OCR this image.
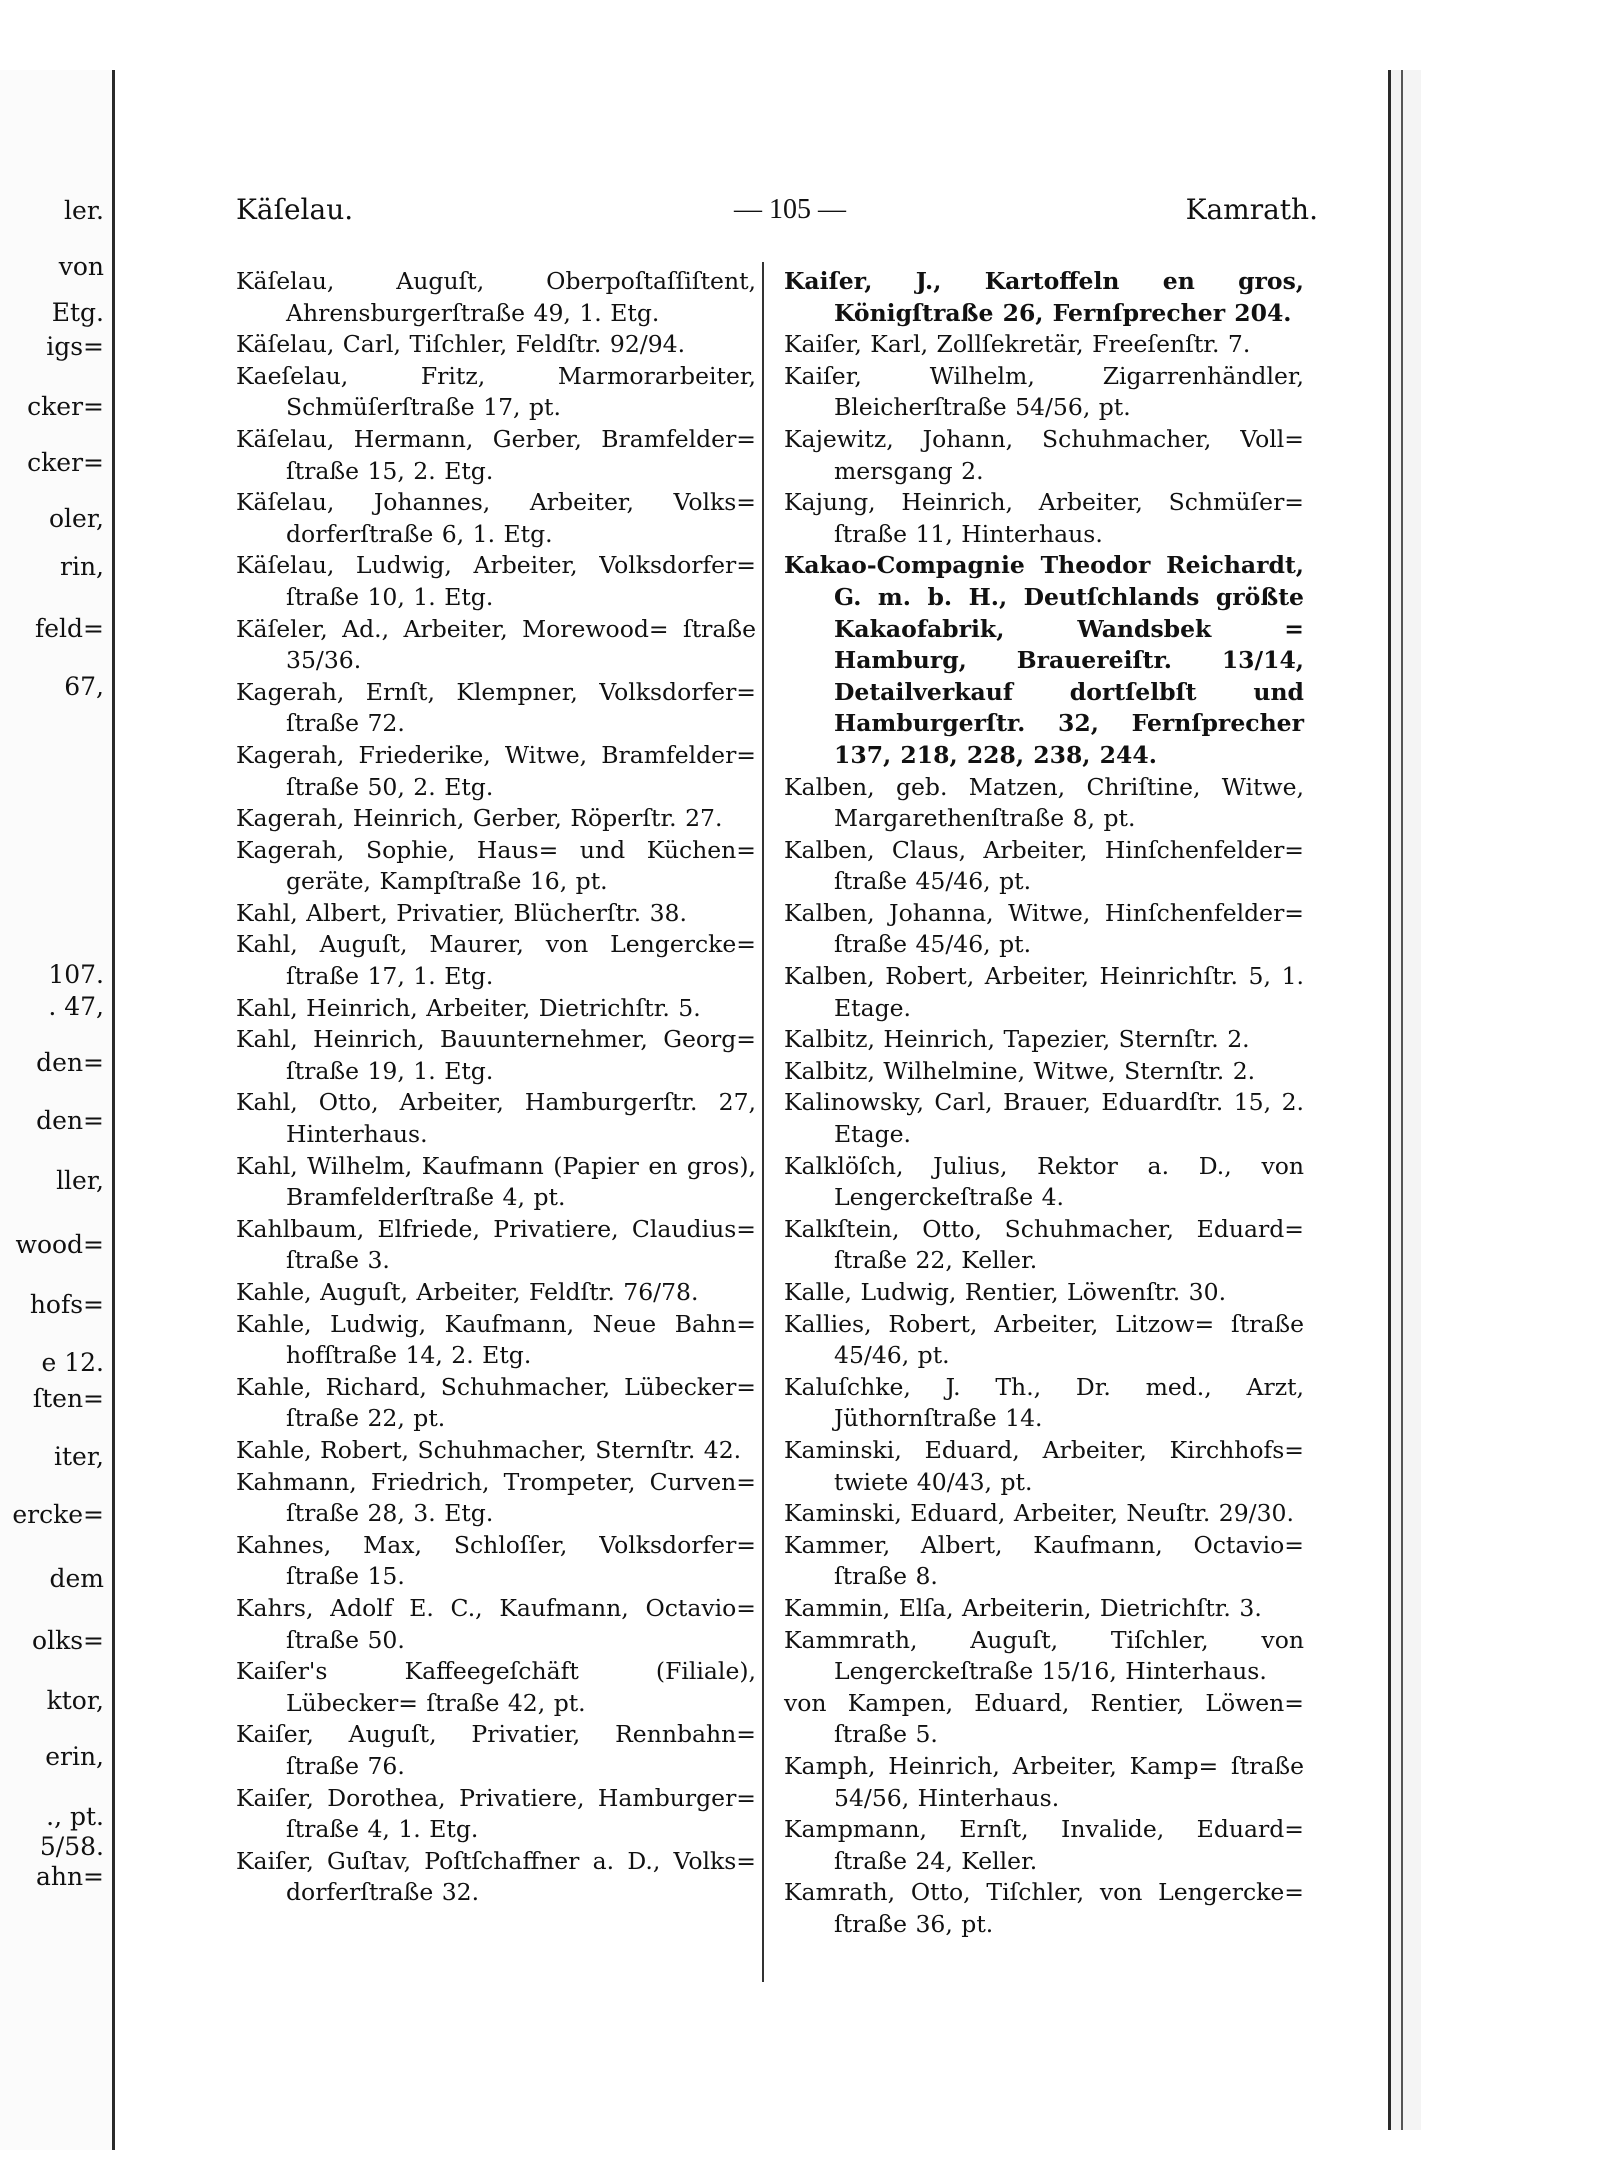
ler.
von
Etg.
igs=
cker=
cker=
oler,
rin,
feld=
67,
107.
. 47,
den=
den=
ller,
wood=
hofs=
e 12.
ſten=
iter,
ercke=
dem
olks=
ktor,
erin,
., pt.
5/58.
ahn=
Käſelau.	— 105 —	Kamrath.

Käſelau, Auguſt, Oberpoſtaſſiſtent, Ahrensburgerſtraße 49, 1. Etg.

Käſelau, Carl, Tiſchler, Feldſtr. 92/94.

Kaeſelau, Fritz, Marmorarbeiter, Schmüſerſtraße 17, pt.

Käſelau, Hermann, Gerber, Bramfelder= ſtraße 15, 2. Etg.

Käſelau, Johannes, Arbeiter, Volks= dorferſtraße 6, 1. Etg.

Käſelau, Ludwig, Arbeiter, Volksdorfer= ſtraße 10, 1. Etg.

Käſeler, Ad., Arbeiter, Morewood= ſtraße 35/36.

Kagerah, Ernſt, Klempner, Volksdorfer= ſtraße 72.

Kagerah, Friederike, Witwe, Bramfelder= ſtraße 50, 2. Etg.

Kagerah, Heinrich, Gerber, Röperſtr. 27.

Kagerah, Sophie, Haus= und Küchen= geräte, Kampſtraße 16, pt.

Kahl, Albert, Privatier, Blücherſtr. 38.

Kahl, Auguſt, Maurer, von Lengercke= ſtraße 17, 1. Etg.

Kahl, Heinrich, Arbeiter, Dietrichſtr. 5.

Kahl, Heinrich, Bauunternehmer, Georg= ſtraße 19, 1. Etg.

Kahl, Otto, Arbeiter, Hamburgerſtr. 27, Hinterhaus.

Kahl, Wilhelm, Kaufmann (Papier en gros), Bramfelderſtraße 4, pt.

Kahlbaum, Elfriede, Privatiere, Claudius= ſtraße 3.

Kahle, Auguſt, Arbeiter, Feldſtr. 76/78.

Kahle, Ludwig, Kaufmann, Neue Bahn= hofſtraße 14, 2. Etg.

Kahle, Richard, Schuhmacher, Lübecker= ſtraße 22, pt.

Kahle, Robert, Schuhmacher, Sternſtr. 42.

Kahmann, Friedrich, Trompeter, Curven= ſtraße 28, 3. Etg.

Kahnes, Max, Schloſſer, Volksdorfer= ſtraße 15.

Kahrs, Adolf E. C., Kaufmann, Octavio= ſtraße 50.

Kaiſer's Kaffeegeſchäft (Filiale), Lübecker= ſtraße 42, pt.

Kaiſer, Auguſt, Privatier, Rennbahn= ſtraße 76.

Kaiſer, Dorothea, Privatiere, Hamburger= ſtraße 4, 1. Etg.

Kaiſer, Guſtav, Poſtſchaffner a. D., Volks= dorferſtraße 32.

Kaiſer, J., Kartoffeln en gros, Königſtraße 26, Fernſprecher 204.

Kaiſer, Karl, Zollſekretär, Freeſenſtr. 7.

Kaiſer, Wilhelm, Zigarrenhändler, Bleicherſtraße 54/56, pt.

Kajewitz, Johann, Schuhmacher, Voll= mersgang 2.

Kajung, Heinrich, Arbeiter, Schmüſer= ſtraße 11, Hinterhaus.

Kakao-Compagnie Theodor Reichardt, G. m. b. H., Deutſchlands größte Kakaofabrik, Wandsbek = Hamburg, Brauereiſtr. 13/14, Detailverkauf dortſelbſt und Hamburgerſtr. 32, Fernſprecher 137, 218, 228, 238, 244.

Kalben, geb. Matzen, Chriſtine, Witwe, Margarethenſtraße 8, pt.

Kalben, Claus, Arbeiter, Hinſchenfelder= ſtraße 45/46, pt.

Kalben, Johanna, Witwe, Hinſchenfelder= ſtraße 45/46, pt.

Kalben, Robert, Arbeiter, Heinrichſtr. 5, 1. Etage.

Kalbitz, Heinrich, Tapezier, Sternſtr. 2.

Kalbitz, Wilhelmine, Witwe, Sternſtr. 2.

Kalinowsky, Carl, Brauer, Eduardſtr. 15, 2. Etage.

Kalklöſch, Julius, Rektor a. D., von Lengerckeſtraße 4.

Kalkſtein, Otto, Schuhmacher, Eduard= ſtraße 22, Keller.

Kalle, Ludwig, Rentier, Löwenſtr. 30.

Kallies, Robert, Arbeiter, Litzow= ſtraße 45/46, pt.

Kaluſchke, J. Th., Dr. med., Arzt, Jüthornſtraße 14.

Kaminski, Eduard, Arbeiter, Kirchhofs= twiete 40/43, pt.

Kaminski, Eduard, Arbeiter, Neuſtr. 29/30.

Kammer, Albert, Kaufmann, Octavio= ſtraße 8.

Kammin, Elſa, Arbeiterin, Dietrichſtr. 3.

Kammrath, Auguſt, Tiſchler, von Lengerckeſtraße 15/16, Hinterhaus.

von Kampen, Eduard, Rentier, Löwen= ſtraße 5.

Kamph, Heinrich, Arbeiter, Kamp= ſtraße 54/56, Hinterhaus.

Kampmann, Ernſt, Invalide, Eduard= ſtraße 24, Keller.

Kamrath, Otto, Tiſchler, von Lengercke= ſtraße 36, pt.
